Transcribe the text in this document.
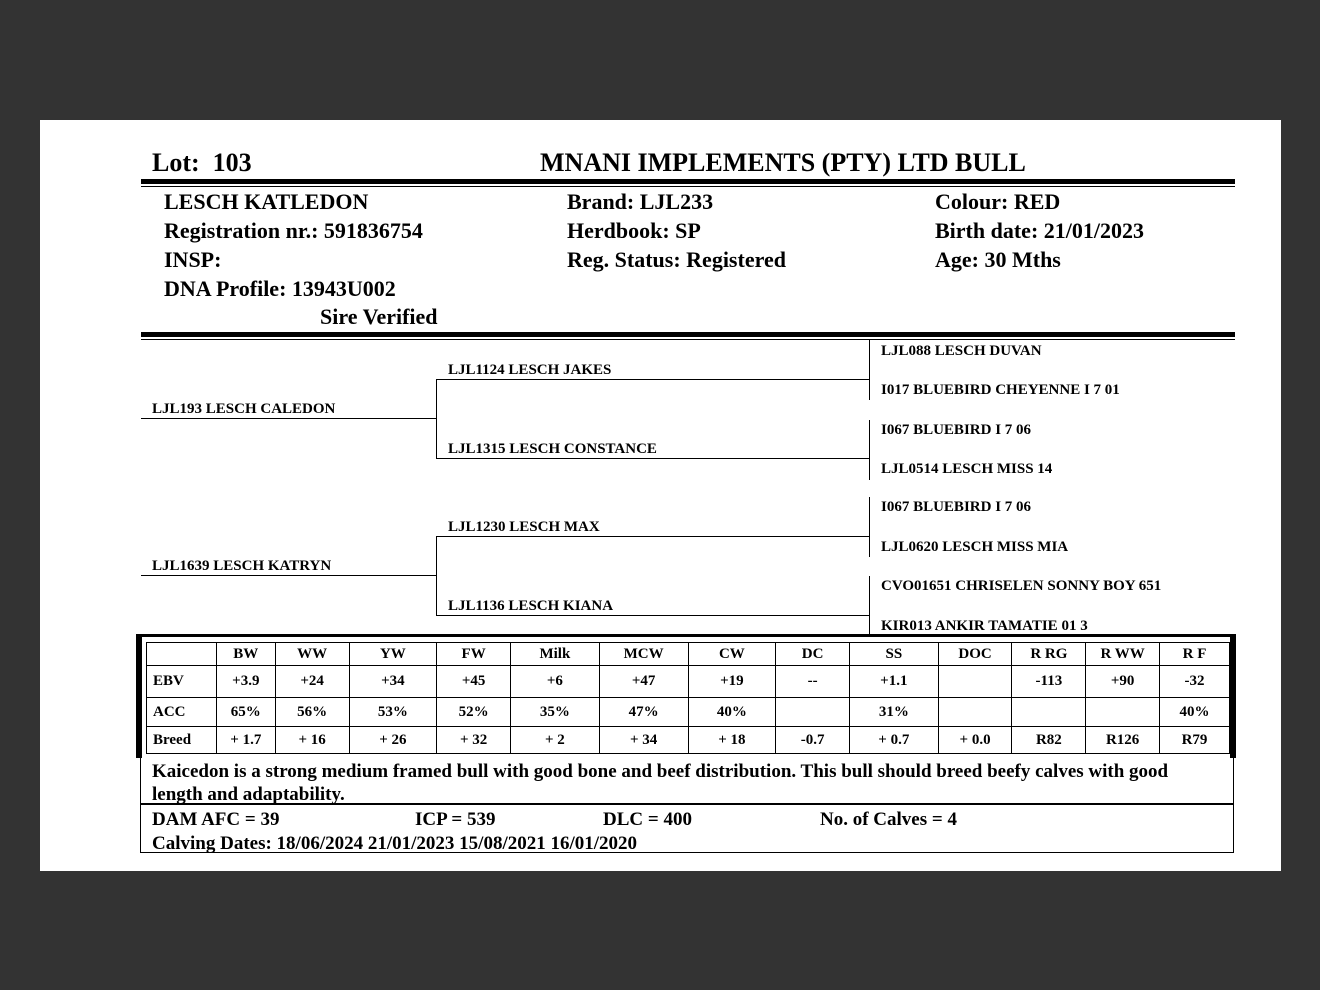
Lot: 103	MNANI IMPLEMENTS (PTY) LTD BULL
LESCH KATLEDON
Registration nr.: 591836754
INSP:
DNA Profile: 13943U002
Sire Verified
Brand: LJL233
Herdbook: SP
Reg. Status: Registered
Colour: RED
Birth date: 21/01/2023
Age: 30 Mths
LJL193 LESCH CALEDON
LJL1639 LESCH KATRYN
LJL1124 LESCH JAKES
LJL1315 LESCH CONSTANCE
LJL1230 LESCH MAX
LJL1136 LESCH KIANA
LJL088 LESCH DUVAN
I017 BLUEBIRD CHEYENNE I 7 01
I067 BLUEBIRD I 7 06
LJL0514 LESCH MISS 14
I067 BLUEBIRD I 7 06
LJL0620 LESCH MISS MIA
CVO01651 CHRISELEN SONNY BOY 651
KIR013 ANKIR TAMATIE 01 3
	BW	WW	YW	FW	Milk	MCW	CW	DC	SS	DOC	R RG	R WW	R F
EBV	+3.9	+24	+34	+45	+6	+47	+19	--	+1.1		-113	+90	-32
ACC	65%	56%	53%	52%	35%	47%	40%		31%				40%
Breed	+ 1.7	+ 16	+ 26	+ 32	+ 2	+ 34	+ 18	-0.7	+ 0.7	+ 0.0	R82	R126	R79
Kaicedon is a strong medium framed bull with good bone and beef distribution. This bull should breed beefy calves with good length and adaptability.
DAM AFC = 39	ICP = 539	DLC = 400	No. of Calves = 4
Calving Dates: 18/06/2024 21/01/2023 15/08/2021 16/01/2020
